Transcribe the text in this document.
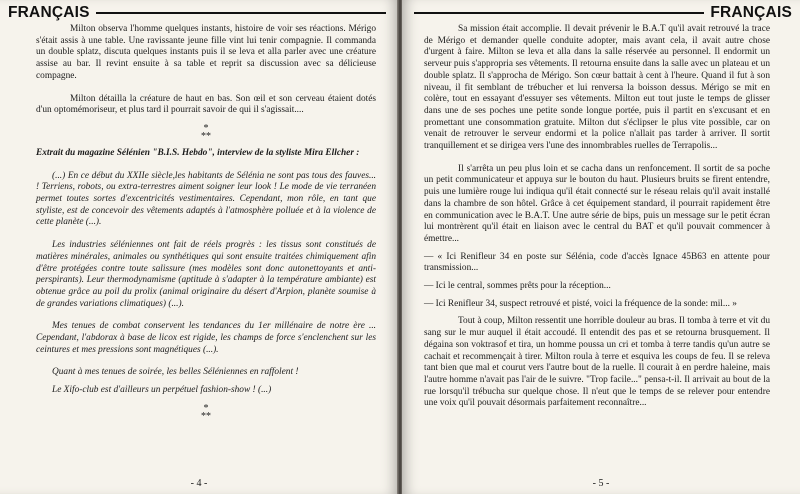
FRANÇAIS

Milton observa l'homme quelques instants, histoire de voir ses réactions. Mérigo s'était assis à une table. Une ravissante jeune fille vint lui tenir compagnie. Il commanda un double splatz, discuta quelques instants puis il se leva et alla parler avec une créature assise au bar. Il revint ensuite à sa table et reprit sa discussion avec sa délicieuse compagne.

Milton détailla la créature de haut en bas. Son œil et son cerveau étaient dotés d'un optomémoriseur, et plus tard il pourrait savoir de qui il s'agissait....

*
**

Extrait du magazine Sélénien "B.I.S. Hebdo", interview de la styliste Mira Ellcher :

(...) En ce début du XXIIe siècle,les habitants de Sélénia ne sont pas tous des fauves... ! Terriens, robots, ou extra-terrestres aiment soigner leur look ! Le mode de vie terranéen permet toutes sortes d'excentricités vestimentaires. Cependant, mon rôle, en tant que styliste, est de concevoir des vêtements adaptés à l'atmosphère polluée et à la violence de cette planète (...).

Les industries séléniennes ont fait de réels progrès : les tissus sont constitués de matières minérales, animales ou synthétiques qui sont ensuite traitées chimiquement afin d'être protégées contre toute salissure (mes modèles sont donc autonettoyants et anti-perspirants). Leur thermodynamisme (aptitude à s'adapter à la température ambiante) est obtenue grâce au poil du prolix (animal originaire du désert d'Arpion, planète soumise à de grandes variations climatiques) (...).

Mes tenues de combat conservent les tendances du 1er millénaire de notre ère ... Cependant, l'abdorax à base de licox est rigide, les champs de force s'enclenchent sur les ceintures et mes pressions sont magnétiques (...).

Quant à mes tenues de soirée, les belles Séléniennes en raffolent !

Le Xifo-club est d'ailleurs un perpétuel fashion-show ! (...)

*
**
- 4 -
FRANÇAIS

Sa mission était accomplie. Il devait prévenir le B.A.T qu'il avait retrouvé la trace de Mérigo et demander quelle conduite adopter, mais avant cela, il avait autre chose d'urgent à faire. Milton se leva et alla dans la salle réservée au personnel. Il endormit un serveur puis s'appropria ses vêtements. Il retourna ensuite dans la salle avec un plateau et un double splatz. Il s'approcha de Mérigo. Son cœur battait à cent à l'heure. Quand il fut à son niveau, il fit semblant de trébucher et lui renversa la boisson dessus. Mérigo se mit en colère, tout en essayant d'essuyer ses vêtements. Milton eut tout juste le temps de glisser dans une de ses poches une petite sonde longue portée, puis il partit en s'excusant et en promettant une consommation gratuite. Milton dut s'éclipser le plus vite possible, car on venait de retrouver le serveur endormi et la police n'allait pas tarder à arriver. Il sortit tranquillement et se dirigea vers l'une des innombrables ruelles de Terrapolis...

Il s'arrêta un peu plus loin et se cacha dans un renfoncement. Il sortit de sa poche un petit communicateur et appuya sur le bouton du haut. Plusieurs bruits se firent entendre, puis une lumière rouge lui indiqua qu'il était connecté sur le réseau relais qu'il avait installé dans la chambre de son hôtel. Grâce à cet équipement standard, il pourrait rapidement être en communication avec le B.A.T. Une autre série de bips, puis un message sur le petit écran lui montrèrent qu'il était en liaison avec le central du BAT et qu'il pouvait commencer à émettre...

— « Ici Renifleur 34 en poste sur Sélénia, code d'accès Ignace 45B63 en attente pour transmission...

— Ici le central, sommes prêts pour la réception...

— Ici Renifleur 34, suspect retrouvé et pisté, voici la fréquence de la sonde: mil... »

Tout à coup, Milton ressentit une horrible douleur au bras. Il tomba à terre et vit du sang sur le mur auquel il était accoudé. Il entendit des pas et se retourna brusquement. Il dégaina son voktrasof et tira, un homme poussa un cri et tomba à terre tandis qu'un autre se cachait et recommençait à tirer. Milton roula à terre et esquiva les coups de feu. Il se releva tant bien que mal et courut vers l'autre bout de la ruelle. Il courait à en perdre haleine, mais l'autre homme n'avait pas l'air de le suivre. "Trop facile..." pensa-t-il. Il arrivait au bout de la rue lorsqu'il trébucha sur quelque chose. Il n'eut que le temps de se relever pour entendre une voix qu'il pouvait désormais parfaitement reconnaître...

- 5 -
